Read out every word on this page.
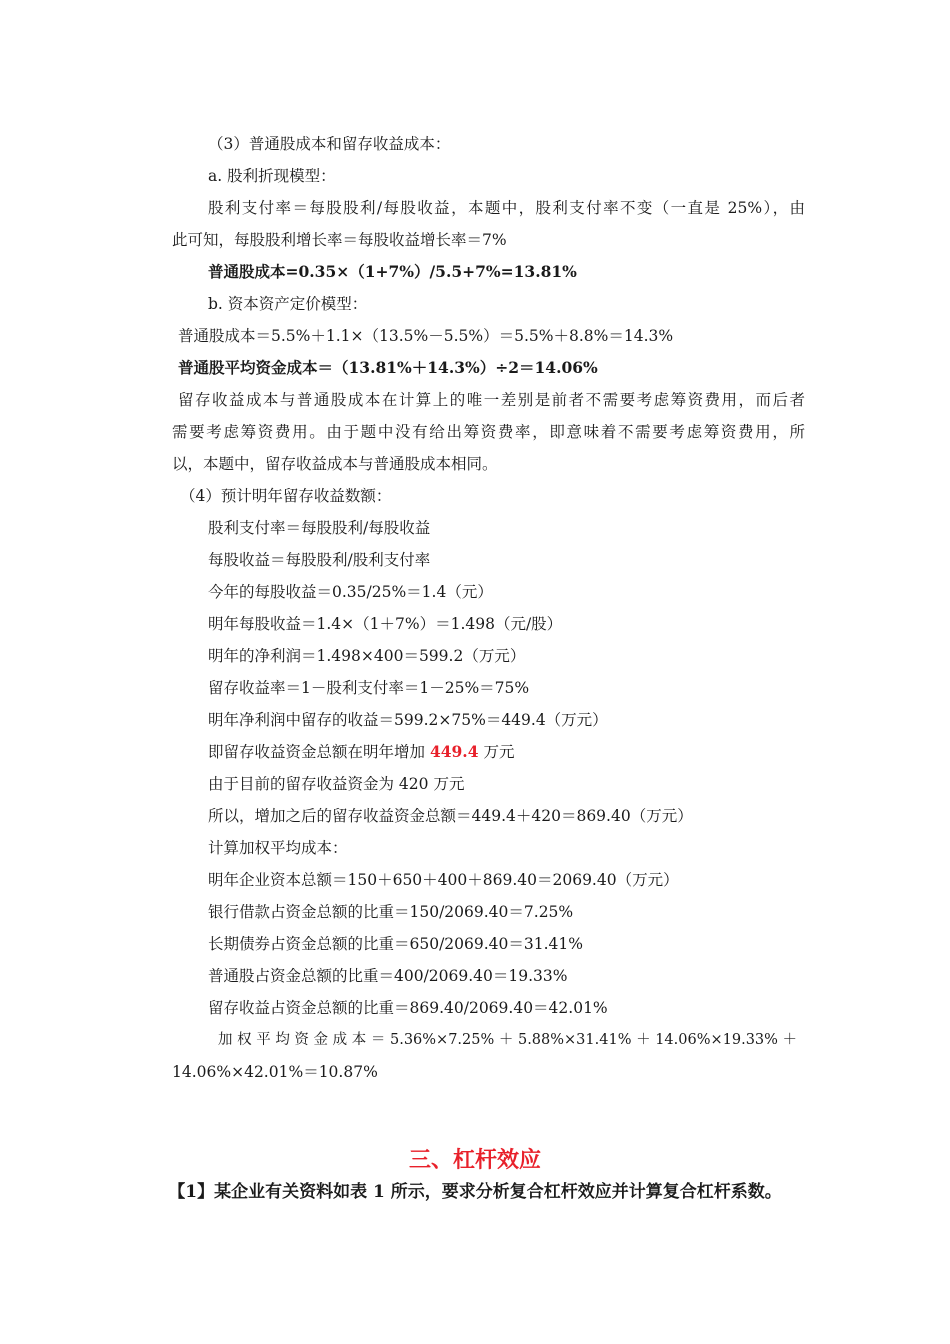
（3）普通股成本和留存收益成本：
a. 股利折现模型：
股利支付率＝每股股利/每股收益，本题中，股利支付率不变（一直是 25%），由
此可知，每股股利增长率＝每股收益增长率＝7%
普通股成本=0.35×（1+7%）/5.5+7%=13.81%
b. 资本资产定价模型：
普通股成本＝5.5%＋1.1×（13.5%－5.5%）＝5.5%＋8.8%＝14.3%
普通股平均资金成本＝（13.81%＋14.3%）÷2＝14.06%
留存收益成本与普通股成本在计算上的唯一差别是前者不需要考虑筹资费用，而后者
需要考虑筹资费用。由于题中没有给出筹资费率，即意味着不需要考虑筹资费用，所
以，本题中，留存收益成本与普通股成本相同。
（4）预计明年留存收益数额：
股利支付率＝每股股利/每股收益
每股收益＝每股股利/股利支付率
今年的每股收益＝0.35/25%＝1.4（元）
明年每股收益＝1.4×（1＋7%）＝1.498（元/股）
明年的净利润＝1.498×400＝599.2（万元）
留存收益率＝1－股利支付率＝1－25%＝75%
明年净利润中留存的收益＝599.2×75%＝449.4（万元）
即留存收益资金总额在明年增加 449.4 万元
由于目前的留存收益资金为 420 万元
所以，增加之后的留存收益资金总额＝449.4＋420＝869.40（万元）
计算加权平均成本：
明年企业资本总额＝150＋650＋400＋869.40＝2069.40（万元）
银行借款占资金总额的比重＝150/2069.40＝7.25%
长期债券占资金总额的比重＝650/2069.40＝31.41%
普通股占资金总额的比重＝400/2069.40＝19.33%
留存收益占资金总额的比重＝869.40/2069.40＝42.01%
加 权 平 均 资 金 成 本 ＝ 5.36%×7.25% ＋ 5.88%×31.41% ＋ 14.06%×19.33% ＋
14.06%×42.01%＝10.87%
三、杠杆效应
【1】某企业有关资料如表 1 所示，要求分析复合杠杆效应并计算复合杠杆系数。
